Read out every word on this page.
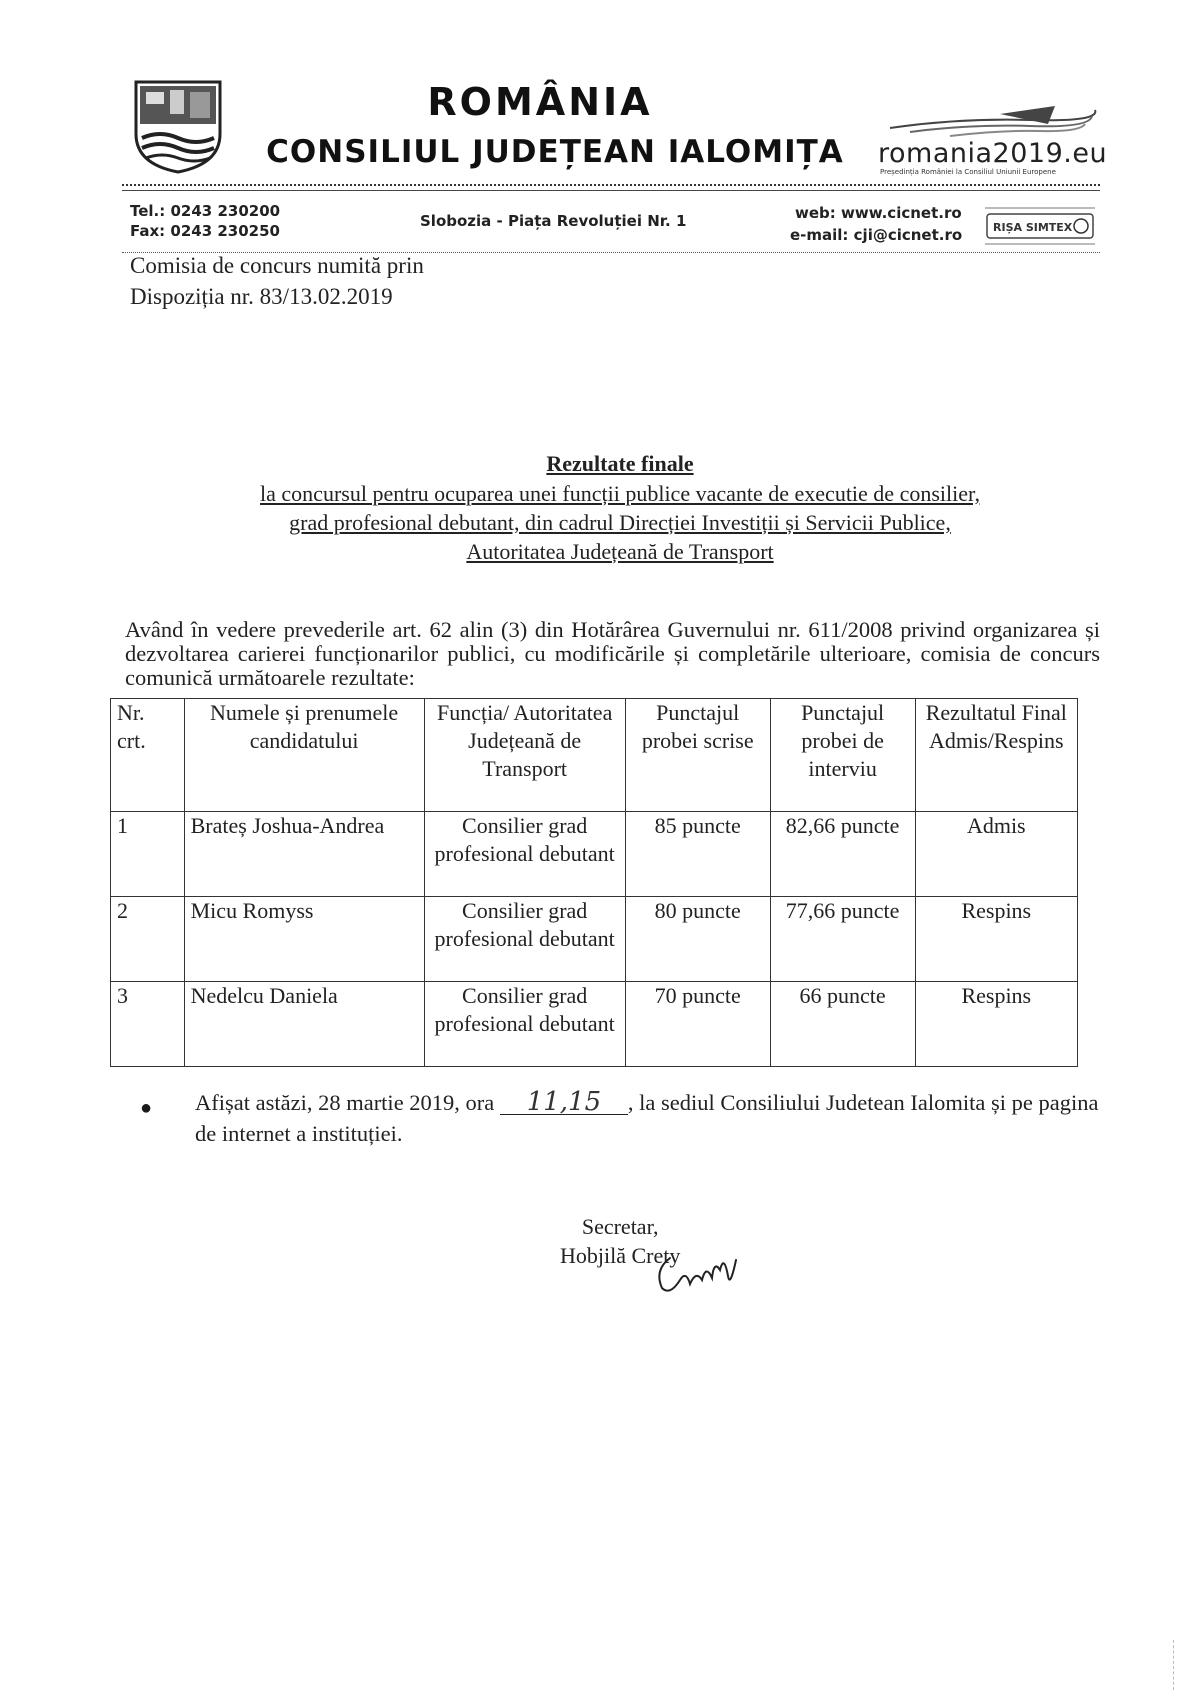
ROMÂNIA
CONSILIUL JUDEȚEAN IALOMIȚA	romania2019.eu
Președinția României la Consiliul Uniunii Europene
Tel.: 0243 230200
Fax: 0243 230250
Slobozia - Piața Revoluției Nr. 1	web: www.cicnet.ro
e-mail: cji@cicnet.ro	RIȘA SIMTEX
Comisia de concurs numită prin
Dispoziția nr. 83/13.02.2019
Rezultate finale
la concursul pentru ocuparea unei funcții publice vacante de executie de consilier,
grad profesional debutant, din cadrul Direcției Investiții și Servicii Publice,
Autoritatea Județeană de Transport
Având în vedere prevederile art. 62 alin (3) din Hotărârea Guvernului nr. 611/2008 privind organizarea și dezvoltarea carierei funcționarilor publici, cu modificările și completările ulterioare, comisia de concurs comunică următoarele rezultate:
Nr. crt.	Numele și prenumele candidatului	Funcția/ Autoritatea Județeană de Transport	Punctajul probei scrise	Punctajul probei de interviu	Rezultatul Final Admis/Respins
1	Brateș Joshua-Andrea	Consilier grad profesional debutant	85 puncte	82,66 puncte	Admis
2	Micu Romyss	Consilier grad profesional debutant	80 puncte	77,66 puncte	Respins
3	Nedelcu Daniela	Consilier grad profesional debutant	70 puncte	66 puncte	Respins
● Afișat astăzi, 28 martie 2019, ora 11,15 , la sediul Consiliului Judetean Ialomita și pe pagina de internet a instituției.
Secretar,
Hobjilă Crety
